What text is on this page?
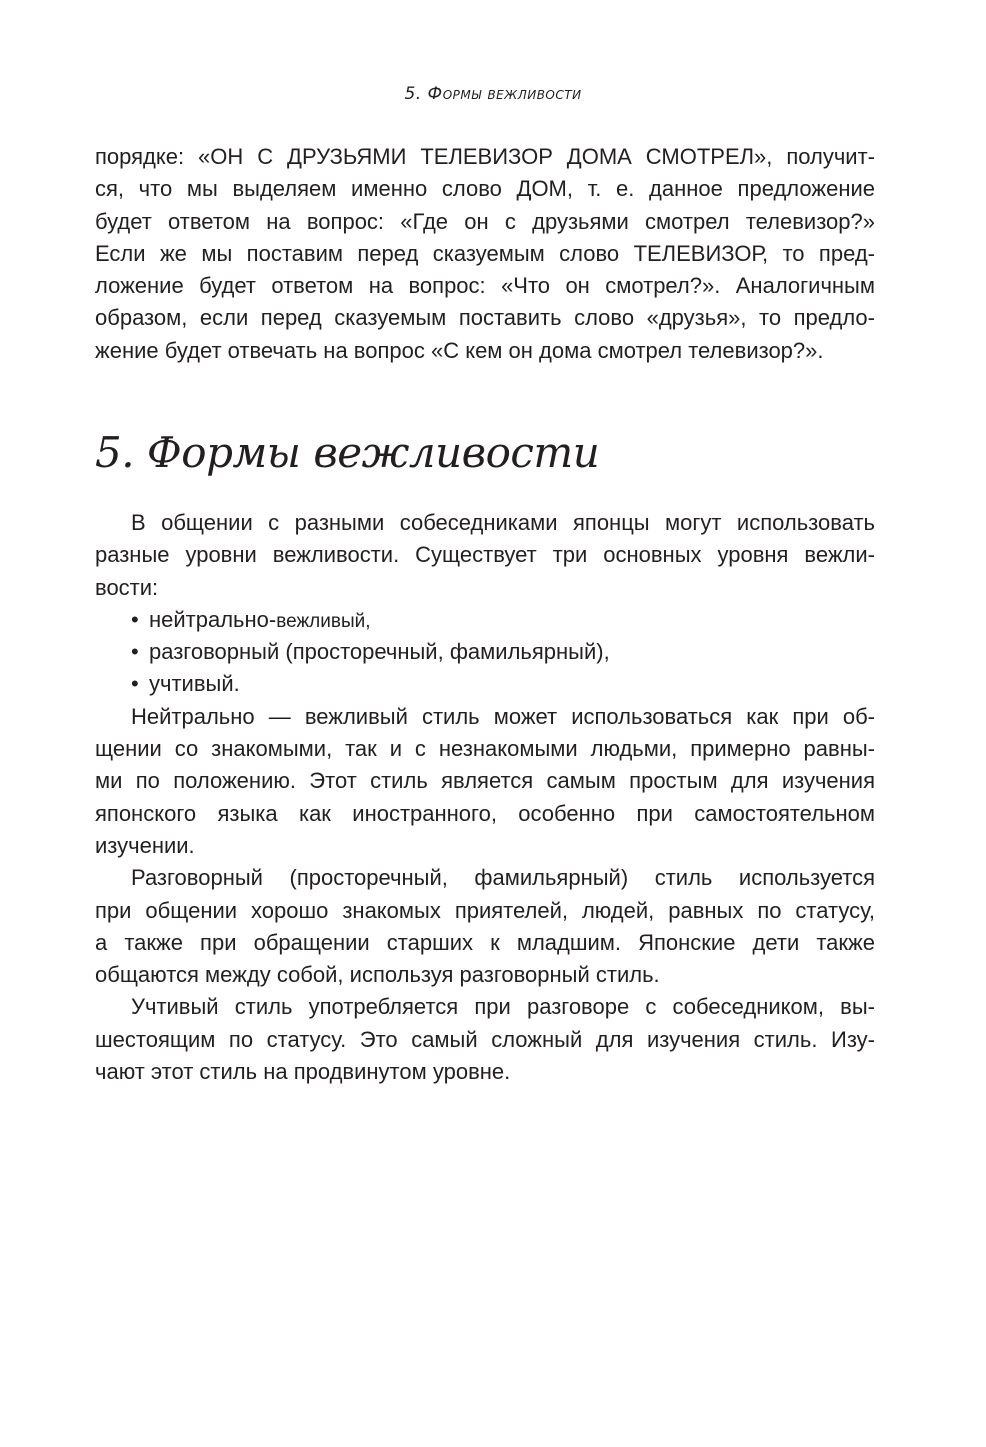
5. Формы вежливости
порядке: «ОН С ДРУЗЬЯМИ ТЕЛЕВИЗОР ДОМА СМОТРЕЛ», получит-
ся, что мы выделяем именно слово ДОМ, т. е. данное предложение
будет ответом на вопрос: «Где он с друзьями смотрел телевизор?»
Если же мы поставим перед сказуемым слово ТЕЛЕВИЗОР, то пред-
ложение будет ответом на вопрос: «Что он смотрел?». Аналогичным
образом, если перед сказуемым поставить слово «друзья», то предло-
жение будет отвечать на вопрос «С кем он дома смотрел телевизор?».
5. Формы вежливости
В общении с разными собеседниками японцы могут использовать
разные уровни вежливости. Существует три основных уровня вежли-
вости:
• нейтрально-вежливый,
• разговорный (просторечный, фамильярный),
• учтивый.
Нейтрально — вежливый стиль может использоваться как при об-
щении со знакомыми, так и с незнакомыми людьми, примерно равны-
ми по положению. Этот стиль является самым простым для изучения
японского языка как иностранного, особенно при самостоятельном
изучении.
Разговорный (просторечный, фамильярный) стиль используется
при общении хорошо знакомых приятелей, людей, равных по статусу,
а также при обращении старших к младшим. Японские дети также
общаются между собой, используя разговорный стиль.
Учтивый стиль употребляется при разговоре с собеседником, вы-
шестоящим по статусу. Это самый сложный для изучения стиль. Изу-
чают этот стиль на продвинутом уровне.
